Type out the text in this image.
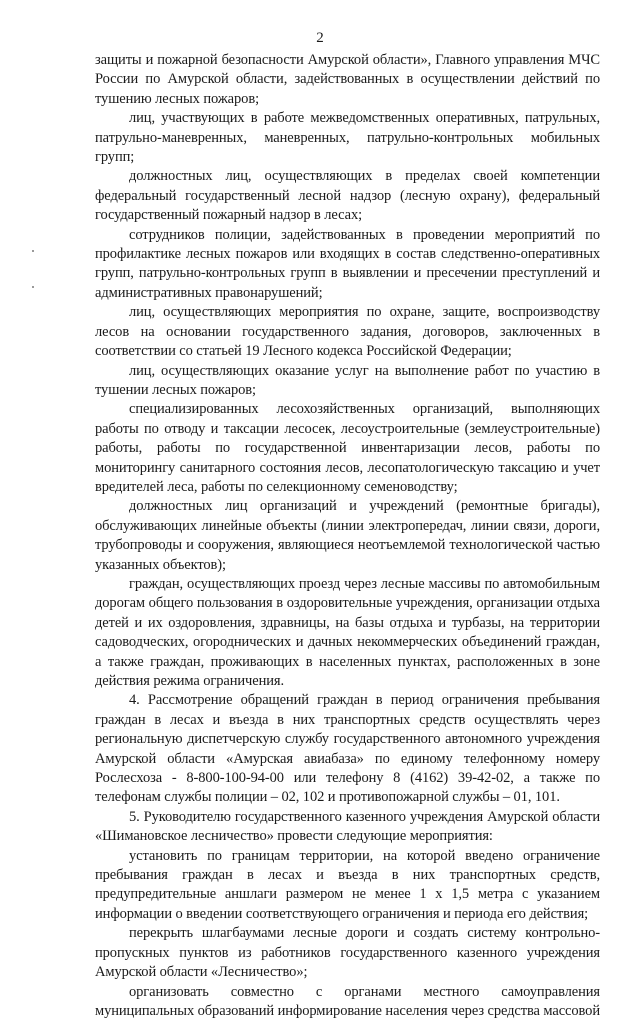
2

защиты и пожарной безопасности Амурской области», Главного управления МЧС России по Амурской области, задействованных в осуществлении действий по тушению лесных пожаров;

лиц, участвующих в работе межведомственных оперативных, патрульных, патрульно-маневренных, маневренных, патрульно-контрольных мобильных групп;

должностных лиц, осуществляющих в пределах своей компетенции федеральный государственный лесной надзор (лесную охрану), федеральный государственный пожарный надзор в лесах;

сотрудников полиции, задействованных в проведении мероприятий по профилактике лесных пожаров или входящих в состав следственно-оперативных групп, патрульно-контрольных групп в выявлении и пресечении преступлений и административных правонарушений;

лиц, осуществляющих мероприятия по охране, защите, воспроизводству лесов на основании государственного задания, договоров, заключенных в соответствии со статьей 19 Лесного кодекса Российской Федерации;

лиц, осуществляющих оказание услуг на выполнение работ по участию в тушении лесных пожаров;

специализированных лесохозяйственных организаций, выполняющих работы по отводу и таксации лесосек, лесоустроительные (землеустроительные) работы, работы по государственной инвентаризации лесов, работы по мониторингу санитарного состояния лесов, лесопатологическую таксацию и учет вредителей леса, работы по селекционному семеноводству;

должностных лиц организаций и учреждений (ремонтные бригады), обслуживающих линейные объекты (линии электропередач, линии связи, дороги, трубопроводы и сооружения, являющиеся неотъемлемой технологической частью указанных объектов);

граждан, осуществляющих проезд через лесные массивы по автомобильным дорогам общего пользования в оздоровительные учреждения, организации отдыха детей и их оздоровления, здравницы, на базы отдыха и турбазы, на территории садоводческих, огороднических и дачных некоммерческих объединений граждан, а также граждан, проживающих в населенных пунктах, расположенных в зоне действия режима ограничения.

4. Рассмотрение обращений граждан в период ограничения пребывания граждан в лесах и въезда в них транспортных средств осуществлять через региональную диспетчерскую службу государственного автономного учреждения Амурской области «Амурская авиабаза» по единому телефонному номеру Рослесхоза - 8-800-100-94-00 или телефону 8 (4162) 39-42-02, а также по телефонам службы полиции – 02, 102 и противопожарной службы – 01, 101.

5. Руководителю государственного казенного учреждения Амурской области «Шимановское лесничество» провести следующие мероприятия:

установить по границам территории, на которой введено ограничение пребывания граждан в лесах и въезда в них транспортных средств, предупредительные аншлаги размером не менее 1 х 1,5 метра с указанием информации о введении соответствующего ограничения и периода его действия;

перекрыть шлагбаумами лесные дороги и создать систему контрольно-пропускных пунктов из работников государственного казенного учреждения Амурской области «Лесничество»;

организовать совместно с органами местного самоуправления муниципальных образований информирование населения через средства массовой
